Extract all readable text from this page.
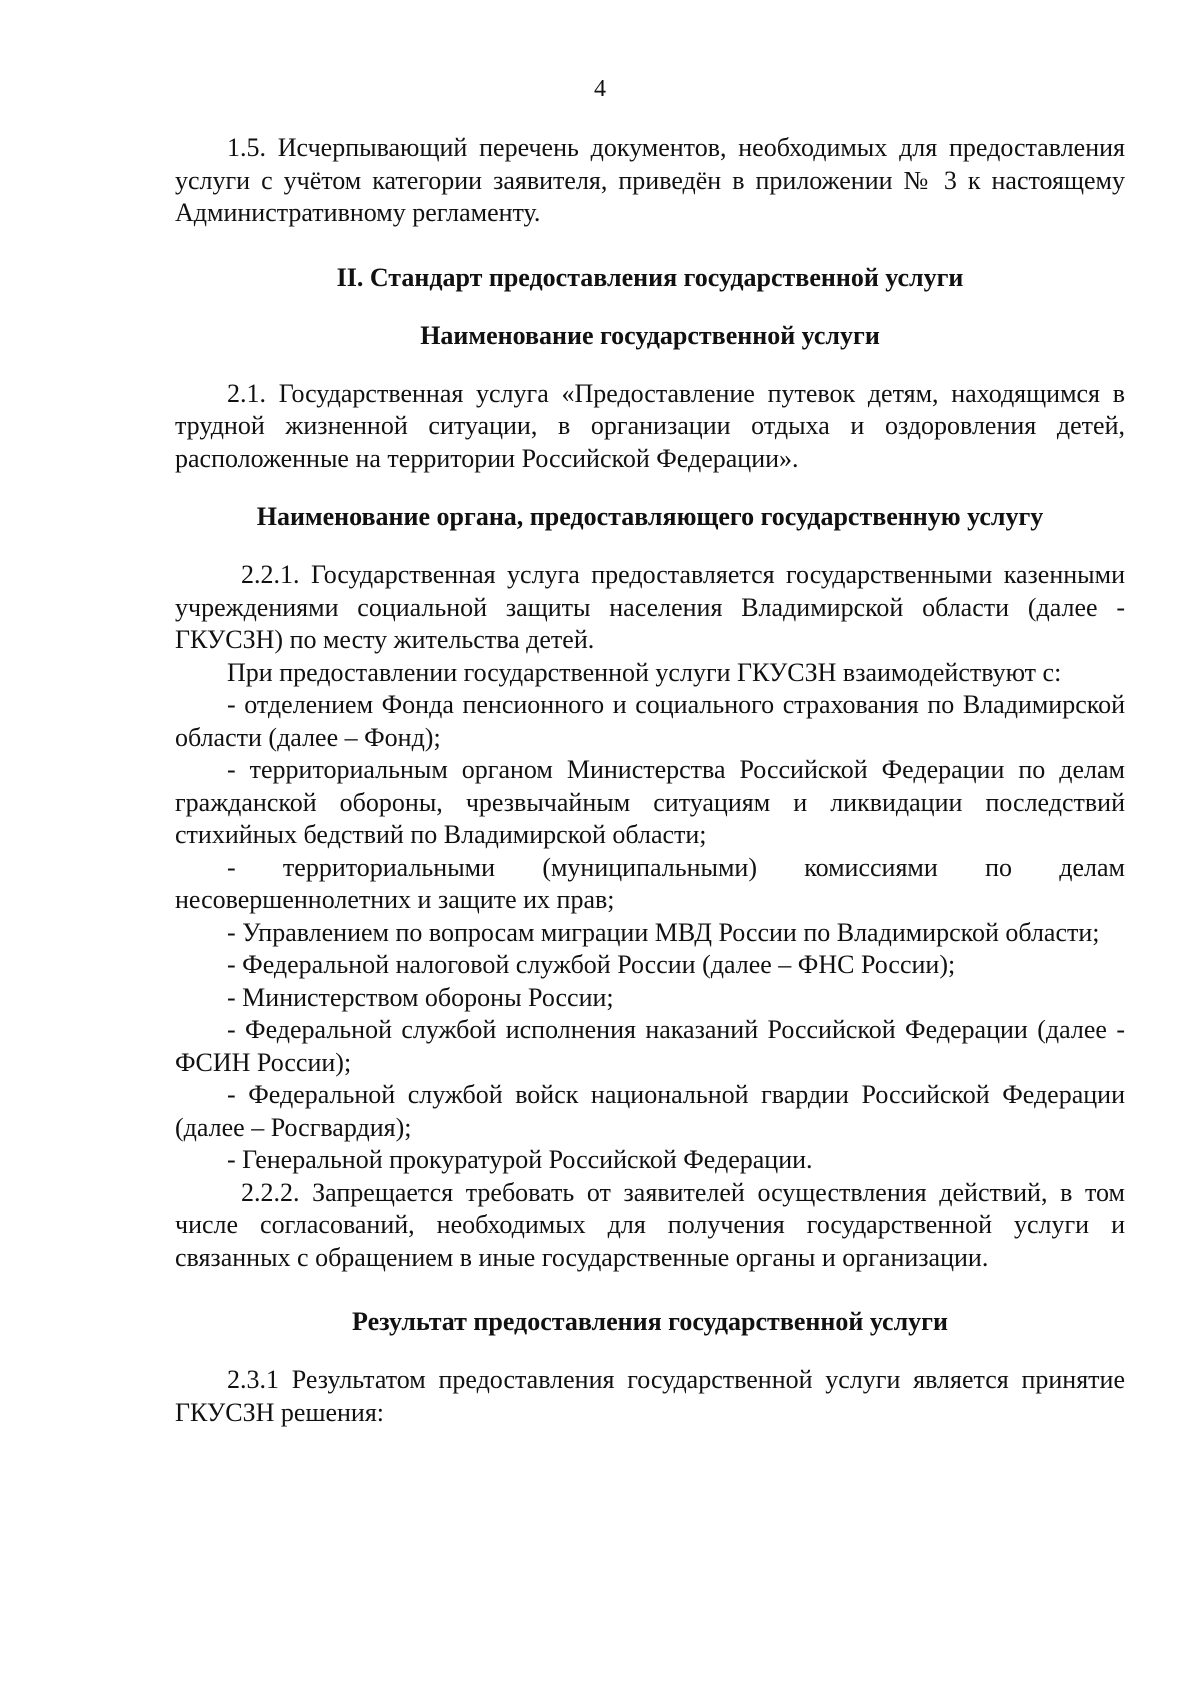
4

1.5. Исчерпывающий перечень документов, необходимых для предоставления услуги с учётом категории заявителя, приведён в приложении № 3 к настоящему Административному регламенту.

II. Стандарт предоставления государственной услуги

Наименование государственной услуги

2.1. Государственная услуга «Предоставление путевок детям, находящимся в трудной жизненной ситуации, в организации отдыха и оздоровления детей, расположенные на территории Российской Федерации».

Наименование органа, предоставляющего государственную услугу

2.2.1. Государственная услуга предоставляется государственными казенными учреждениями социальной защиты населения Владимирской области (далее - ГКУСЗН) по месту жительства детей.

При предоставлении государственной услуги ГКУСЗН взаимодействуют с:

- отделением Фонда пенсионного и социального страхования по Владимирской области (далее – Фонд);

- территориальным органом Министерства Российской Федерации по делам гражданской обороны, чрезвычайным ситуациям и ликвидации последствий стихийных бедствий по Владимирской области;

- территориальными (муниципальными) комиссиями по делам несовершеннолетних и защите их прав;

- Управлением по вопросам миграции МВД России по Владимирской области;

- Федеральной налоговой службой России (далее – ФНС России);

- Министерством обороны России;

- Федеральной службой исполнения наказаний Российской Федерации (далее - ФСИН России);

- Федеральной службой войск национальной гвардии Российской Федерации (далее – Росгвардия);

- Генеральной прокуратурой Российской Федерации.

2.2.2. Запрещается требовать от заявителей осуществления действий, в том числе согласований, необходимых для получения государственной услуги и связанных с обращением в иные государственные органы и организации.

Результат предоставления государственной услуги

2.3.1 Результатом предоставления государственной услуги является принятие ГКУСЗН решения:
